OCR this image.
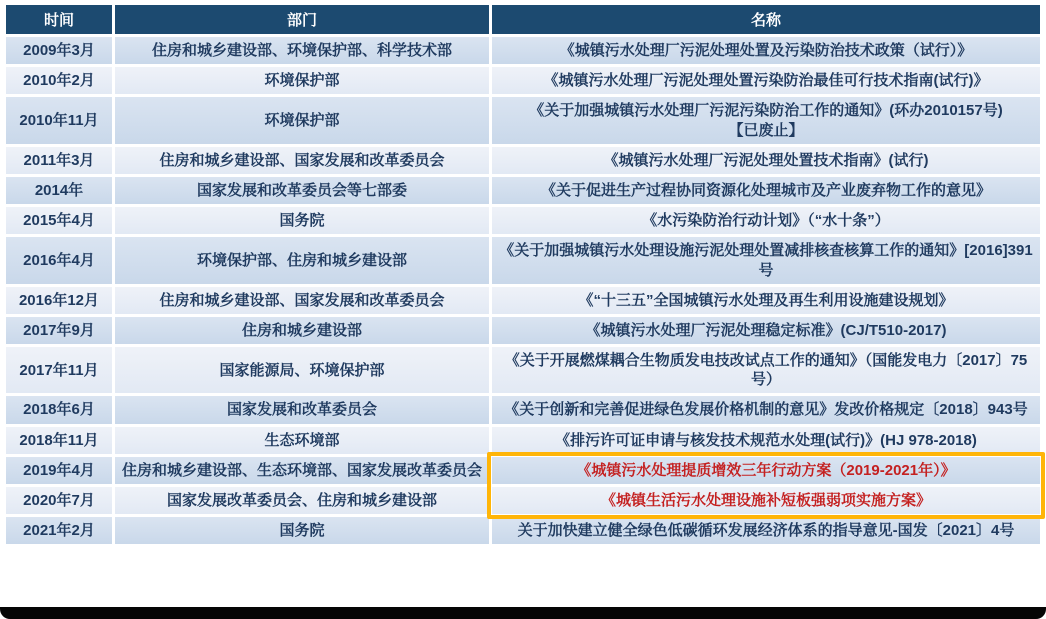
时间	部门	名称
2009年3月	住房和城乡建设部、环境保护部、科学技术部	《城镇污水处理厂污泥处理处置及污染防治技术政策（试行）》
2010年2月	环境保护部	《城镇污水处理厂污泥处理处置污染防治最佳可行技术指南(试行)》
2010年11月	环境保护部	《关于加强城镇污水处理厂污泥污染防治工作的通知》(环办2010157号)
【已废止】

2011年3月	住房和城乡建设部、国家发展和改革委员会	《城镇污水处理厂污泥处理处置技术指南》(试行)
2014年	国家发展和改革委员会等七部委	《关于促进生产过程协同资源化处理城市及产业废弃物工作的意见》
2015年4月	国务院	《水污染防治行动计划》（“水十条”）
2016年4月	环境保护部、住房和城乡建设部	《关于加强城镇污水处理设施污泥处理处置减排核查核算工作的通知》[2016]391号
2016年12月	住房和城乡建设部、国家发展和改革委员会	《“十三五”全国城镇污水处理及再生利用设施建设规划》
2017年9月	住房和城乡建设部	《城镇污水处理厂污泥处理稳定标准》(CJ/T510-2017)
2017年11月	国家能源局、环境保护部	《关于开展燃煤耦合生物质发电技改试点工作的通知》（国能发电力〔2017〕75号）
2018年6月	国家发展和改革委员会	《关于创新和完善促进绿色发展价格机制的意见》发改价格规定〔2018〕943号
2018年11月	生态环境部	《排污许可证申请与核发技术规范水处理(试行)》(HJ 978-2018)
2019年4月	住房和城乡建设部、生态环境部、国家发展改革委员会	《城镇污水处理提质增效三年行动方案（2019-2021年）》
2020年7月	国家发展改革委员会、住房和城乡建设部	《城镇生活污水处理设施补短板强弱项实施方案》
2021年2月	国务院	关于加快建立健全绿色低碳循环发展经济体系的指导意见-国发〔2021〕4号
